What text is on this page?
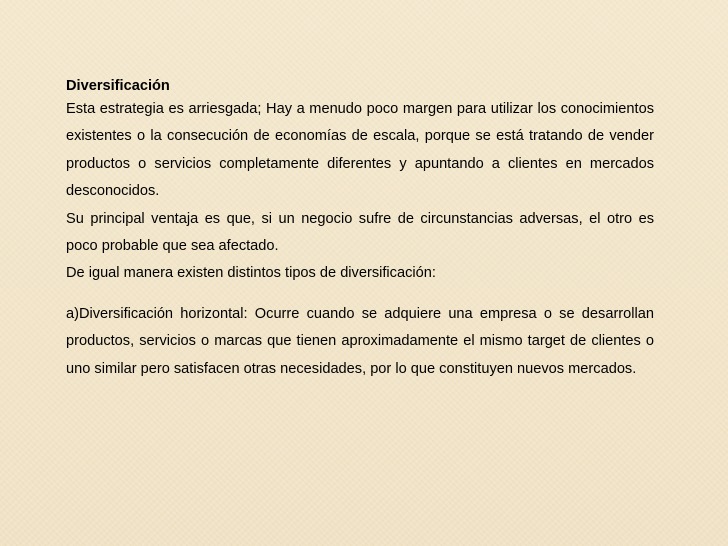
Diversificación

Esta estrategia es arriesgada; Hay a menudo poco margen para utilizar los conocimientos existentes o la consecución de economías de escala, porque se está tratando de vender productos o servicios completamente diferentes y apuntando a clientes en mercados desconocidos.

Su principal ventaja es que, si un negocio sufre de circunstancias adversas, el otro es poco probable que sea afectado.

De igual manera existen distintos tipos de diversificación:

a)Diversificación horizontal: Ocurre cuando se adquiere una empresa o se desarrollan productos, servicios o marcas que tienen aproximadamente el mismo target de clientes o uno similar pero satisfacen otras necesidades, por lo que constituyen nuevos mercados.
